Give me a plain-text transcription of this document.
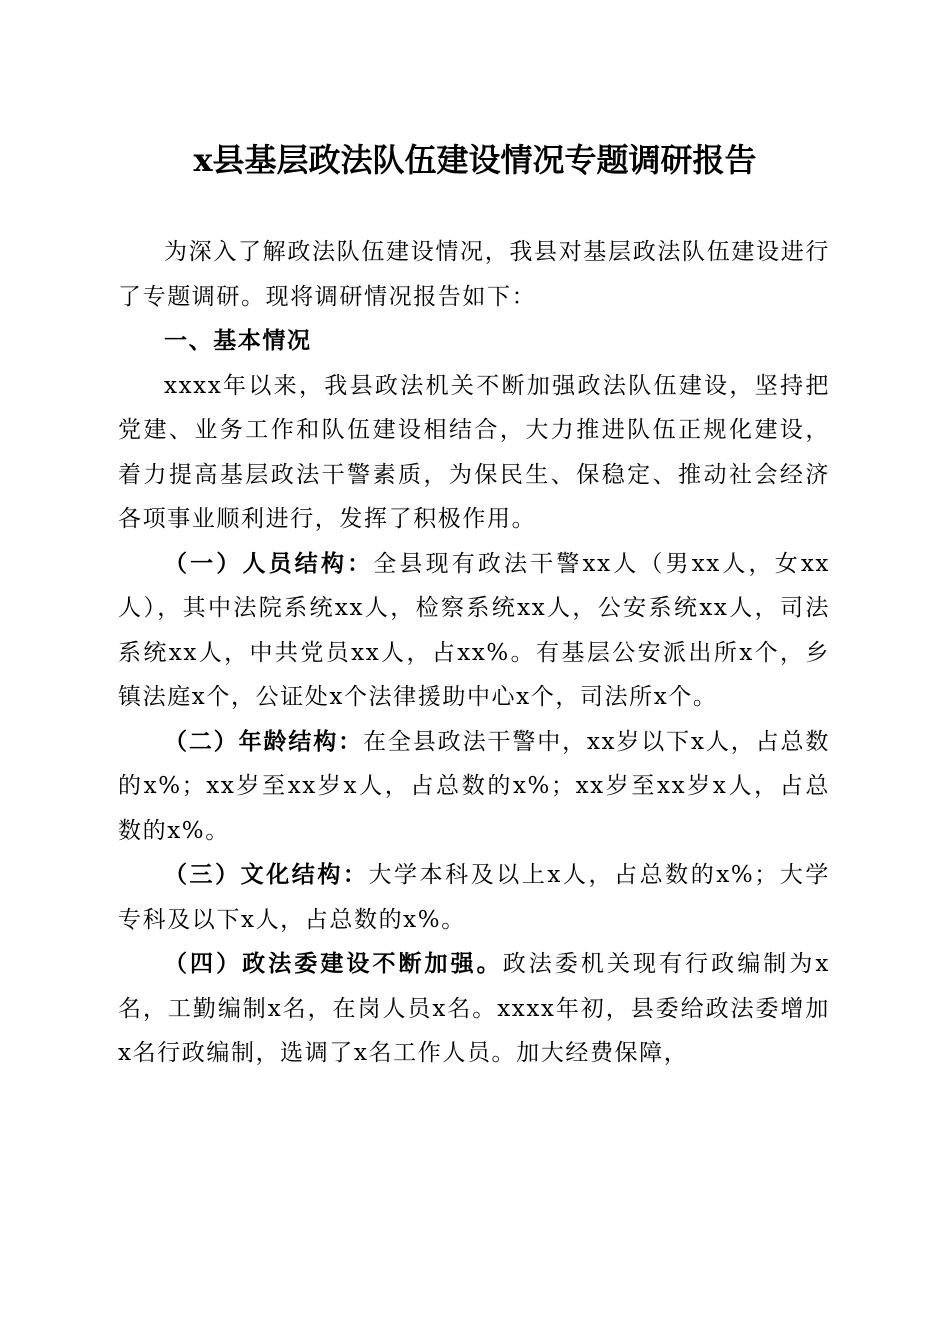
x县基层政法队伍建设情况专题调研报告

为深入了解政法队伍建设情况，我县对基层政法队伍建设进行了专题调研。现将调研情况报告如下：

一、基本情况

xxxx年以来，我县政法机关不断加强政法队伍建设，坚持把党建、业务工作和队伍建设相结合，大力推进队伍正规化建设，着力提高基层政法干警素质，为保民生、保稳定、推动社会经济各项事业顺利进行，发挥了积极作用。

（一）人员结构：全县现有政法干警xx人（男xx人，女xx人），其中法院系统xx人，检察系统xx人，公安系统xx人，司法系统xx人，中共党员xx人，占xx%。有基层公安派出所x个，乡镇法庭x个，公证处x个法律援助中心x个，司法所x个。

（二）年龄结构：在全县政法干警中，xx岁以下x人，占总数的x%；xx岁至xx岁x人，占总数的x%；xx岁至xx岁x人，占总数的x%。

（三）文化结构：大学本科及以上x人，占总数的x%；大学专科及以下x人，占总数的x%。

（四）政法委建设不断加强。政法委机关现有行政编制为x名，工勤编制x名，在岗人员x名。xxxx年初，县委给政法委增加x名行政编制，选调了x名工作人员。加大经费保障，
